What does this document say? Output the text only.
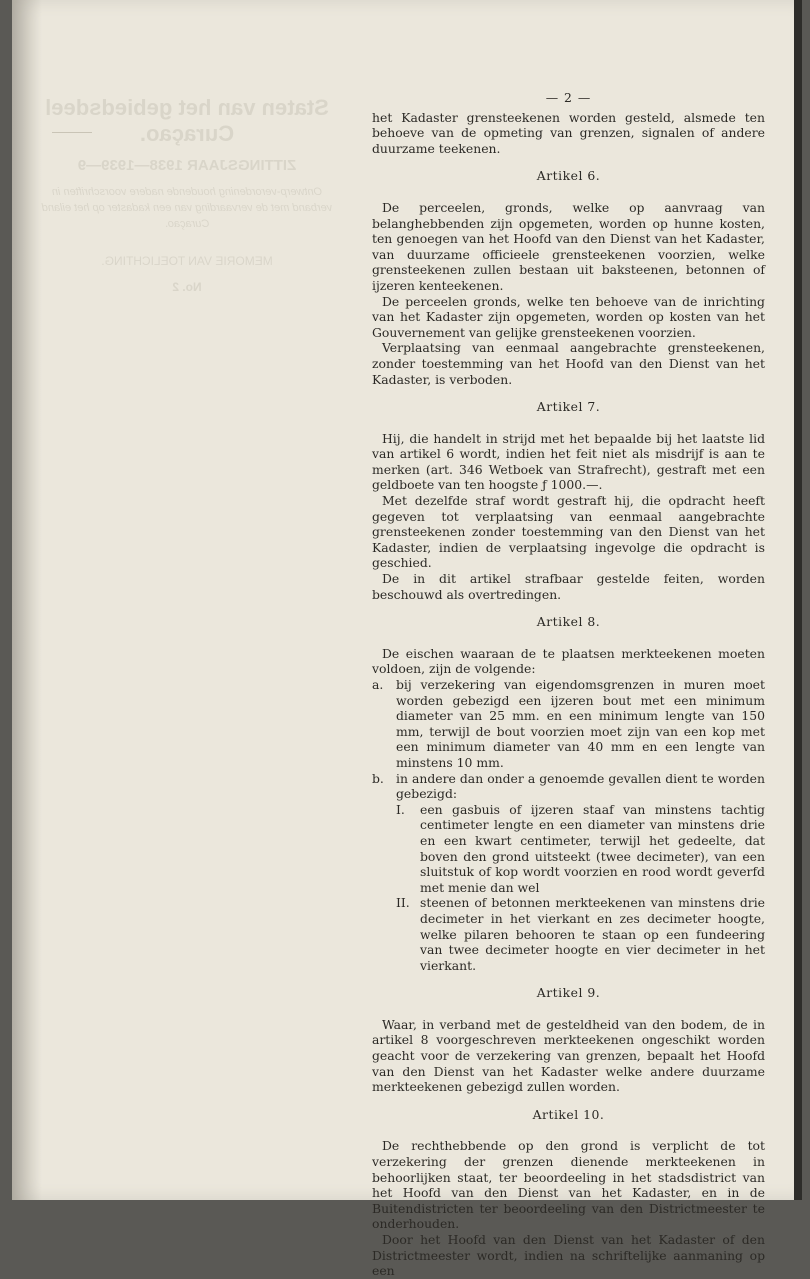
Staten van het gebiedsdeel Curaçao.
ZITTINGSJAAR 1938—1939—9
Ontwerp-verordening houdende nadere voorschriften in verband met de vervaarding van een kadaster op het eiland Curaçao.
MEMORIE VAN TOELICHTING.
No. 2
— 2 —
het Kadaster grensteekenen worden gesteld, alsmede ten behoeve van de opmeting van grenzen, signalen of andere duurzame teekenen.
Artikel 6.
De perceelen, gronds, welke op aanvraag van belanghebbenden zijn opgemeten, worden op hunne kosten, ten genoegen van het Hoofd van den Dienst van het Kadaster, van duurzame officieele grensteekenen voorzien, welke grensteekenen zullen bestaan uit baksteenen, betonnen of ijzeren kenteekenen.
De perceelen gronds, welke ten behoeve van de inrichting van het Kadaster zijn opgemeten, worden op kosten van het Gouvernement van gelijke grensteekenen voorzien.
Verplaatsing van eenmaal aangebrachte grensteekenen, zonder toestemming van het Hoofd van den Dienst van het Kadaster, is verboden.
Artikel 7.
Hij, die handelt in strijd met het bepaalde bij het laatste lid van artikel 6 wordt, indien het feit niet als misdrijf is aan te merken (art. 346 Wetboek van Strafrecht), gestraft met een geldboete van ten hoogste ƒ 1000.—.
Met dezelfde straf wordt gestraft hij, die opdracht heeft gegeven tot verplaatsing van eenmaal aangebrachte grensteekenen zonder toestemming van den Dienst van het Kadaster, indien de verplaatsing ingevolge die opdracht is geschied.
De in dit artikel strafbaar gestelde feiten, worden beschouwd als overtredingen.
Artikel 8.
De eischen waaraan de te plaatsen merkteekenen moeten voldoen, zijn de volgende:
a. bij verzekering van eigendomsgrenzen in muren moet worden gebezigd een ijzeren bout met een minimum diameter van 25 mm. en een minimum lengte van 150 mm, terwijl de bout voorzien moet zijn van een kop met een minimum diameter van 40 mm en een lengte van minstens 10 mm.
b. in andere dan onder a genoemde gevallen dient te worden gebezigd:
I. een gasbuis of ijzeren staaf van minstens tachtig centimeter lengte en een diameter van minstens drie en een kwart centimeter, terwijl het gedeelte, dat boven den grond uitsteekt (twee decimeter), van een sluitstuk of kop wordt voorzien en rood wordt geverfd met menie dan wel
II. steenen of betonnen merkteekenen van minstens drie decimeter in het vierkant en zes decimeter hoogte, welke pilaren behooren te staan op een fundeering van twee decimeter hoogte en vier decimeter in het vierkant.
Artikel 9.
Waar, in verband met de gesteldheid van den bodem, de in artikel 8 voorgeschreven merkteekenen ongeschikt worden geacht voor de verzekering van grenzen, bepaalt het Hoofd van den Dienst van het Kadaster welke andere duurzame merkteekenen gebezigd zullen worden.
Artikel 10.
De rechthebbende op den grond is verplicht de tot verzekering der grenzen dienende merkteekenen in behoorlijken staat, ter beoordeeling in het stadsdistrict van het Hoofd van den Dienst van het Kadaster, en in de Buitendistricten ter beoordeeling van den Districtmeester te onderhouden.
Door het Hoofd van den Dienst van het Kadaster of den Districtmeester wordt, indien na schriftelijke aanmaning op een
